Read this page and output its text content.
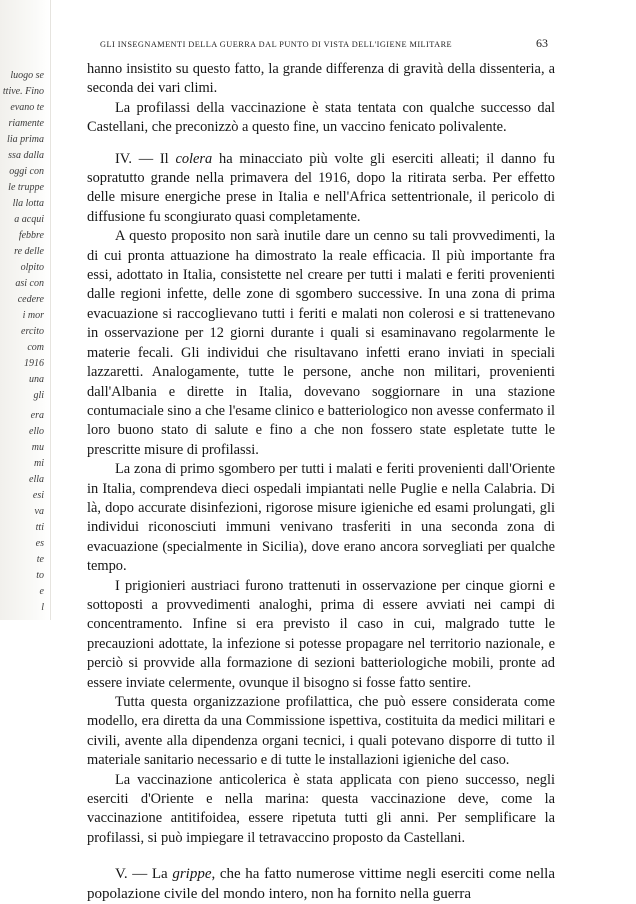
luogo se
ttive. Fino
evano te
riamente
lia prima
ssa dalla
oggi con
le truppe
lla lotta
a acqui
febbre
re delle
olpito
asi con
cedere
i mor
ercito
com
1916
una
gli
era
ello
mu
mi
ella
esi
va
tti
es
te
to
e
l
GLI INSEGNAMENTI DELLA GUERRA DAL PUNTO DI VISTA DELL'IGIENE MILITARE	63

hanno insistito su questo fatto, la grande differenza di gravità della dissenteria, a seconda dei vari climi.

La profilassi della vaccinazione è stata tentata con qualche successo dal Castellani, che preconizzò a questo fine, un vaccino fenicato polivalente.

IV. — Il colera ha minacciato più volte gli eserciti alleati; il danno fu sopratutto grande nella primavera del 1916, dopo la ritirata serba. Per effetto delle misure energiche prese in Italia e nell'Africa settentrionale, il pericolo di diffusione fu scongiurato quasi completamente.

A questo proposito non sarà inutile dare un cenno su tali provvedimenti, la di cui pronta attuazione ha dimostrato la reale efficacia. Il più importante fra essi, adottato in Italia, consistette nel creare per tutti i malati e feriti provenienti dalle regioni infette, delle zone di sgombero successive. In una zona di prima evacuazione si raccoglievano tutti i feriti e malati non colerosi e si trattenevano in osservazione per 12 giorni durante i quali si esaminavano regolarmente le materie fecali. Gli individui che risultavano infetti erano inviati in speciali lazzaretti. Analogamente, tutte le persone, anche non militari, provenienti dall'Albania e dirette in Italia, dovevano soggiornare in una stazione contumaciale sino a che l'esame clinico e batteriologico non avesse confermato il loro buono stato di salute e fino a che non fossero state espletate tutte le prescritte misure di profilassi.

La zona di primo sgombero per tutti i malati e feriti provenienti dall'Oriente in Italia, comprendeva dieci ospedali impiantati nelle Puglie e nella Calabria. Di là, dopo accurate disinfezioni, rigorose misure igieniche ed esami prolungati, gli individui riconosciuti immuni venivano trasferiti in una seconda zona di evacuazione (specialmente in Sicilia), dove erano ancora sorvegliati per qualche tempo.

I prigionieri austriaci furono trattenuti in osservazione per cinque giorni e sottoposti a provvedimenti analoghi, prima di essere avviati nei campi di concentramento. Infine si era previsto il caso in cui, malgrado tutte le precauzioni adottate, la infezione si potesse propagare nel territorio nazionale, e perciò si provvide alla formazione di sezioni batteriologiche mobili, pronte ad essere inviate celermente, ovunque il bisogno si fosse fatto sentire.

Tutta questa organizzazione profilattica, che può essere considerata come modello, era diretta da una Commissione ispettiva, costituita da medici militari e civili, avente alla dipendenza organi tecnici, i quali potevano disporre di tutto il materiale sanitario necessario e di tutte le installazioni igieniche del caso.

La vaccinazione anticolerica è stata applicata con pieno successo, negli eserciti d'Oriente e nella marina: questa vaccinazione deve, come la vaccinazione antitifoidea, essere ripetuta tutti gli anni. Per semplificare la profilassi, si può impiegare il tetravaccino proposto da Castellani.

V. — La grippe, che ha fatto numerose vittime negli eserciti come nella popolazione civile del mondo intero, non ha fornito nella guerra
